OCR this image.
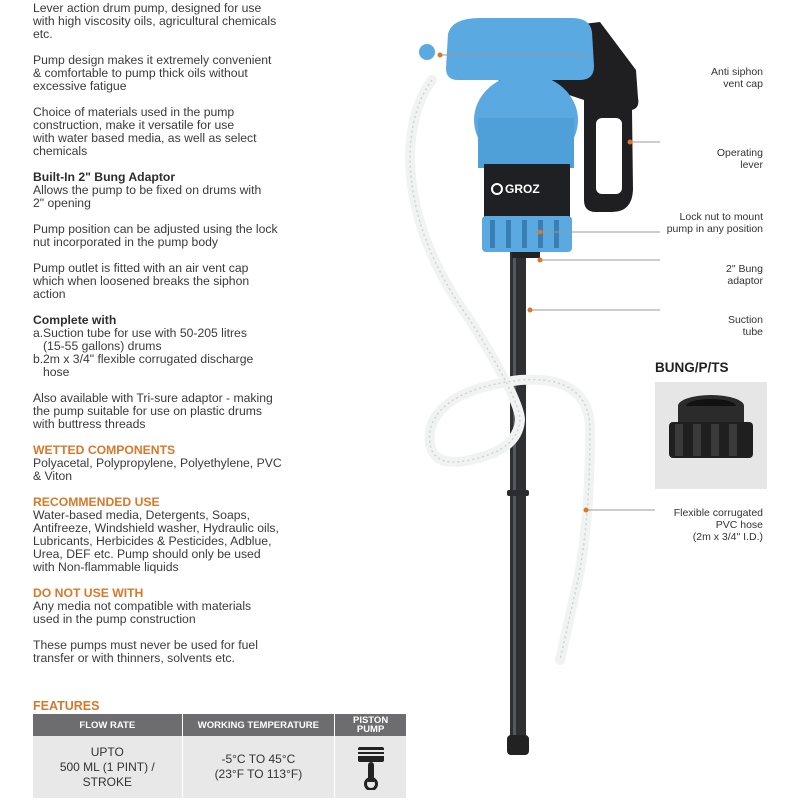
Lever action drum pump, designed for use
with high viscosity oils, agricultural chemicals
etc.

Pump design makes it extremely convenient
& comfortable to pump thick oils without
excessive fatigue

Choice of materials used in the pump
construction, make it versatile for use
with water based media, as well as select
chemicals

Built-In 2" Bung Adaptor

Allows the pump to be fixed on drums with
2" opening

Pump position can be adjusted using the lock
nut incorporated in the pump body

Pump outlet is fitted with an air vent cap
which when loosened breaks the siphon
action

Complete with

a. Suction tube for use with 50-205 litres
(15-55 gallons) drums
b. 2m x 3/4" flexible corrugated discharge
hose

Also available with Tri-sure adaptor - making
the pump suitable for use on plastic drums
with buttress threads

WETTED COMPONENTS

Polyacetal, Polypropylene, Polyethylene, PVC
& Viton

RECOMMENDED USE

Water-based media, Detergents, Soaps,
Antifreeze, Windshield washer, Hydraulic oils,
Lubricants, Herbicides & Pesticides, Adblue,
Urea, DEF etc. Pump should only be used
with Non-flammable liquids

DO NOT USE WITH

Any media not compatible with materials
used in the pump construction

These pumps must never be used for fuel
transfer or with thinners, solvents etc.

FEATURES
FLOW RATE	WORKING TEMPERATURE	PISTON
PUMP
UPTO
500 ML (1 PINT) /
STROKE
-5°C TO 45°C
(23°F TO 113°F)
GROZ
Anti siphon
vent cap
Operating
lever
Lock nut to mount
pump in any position
2" Bung
adaptor
Suction
tube
Flexible corrugated
PVC hose
(2m x 3/4" I.D.)
BUNG/P/TS
